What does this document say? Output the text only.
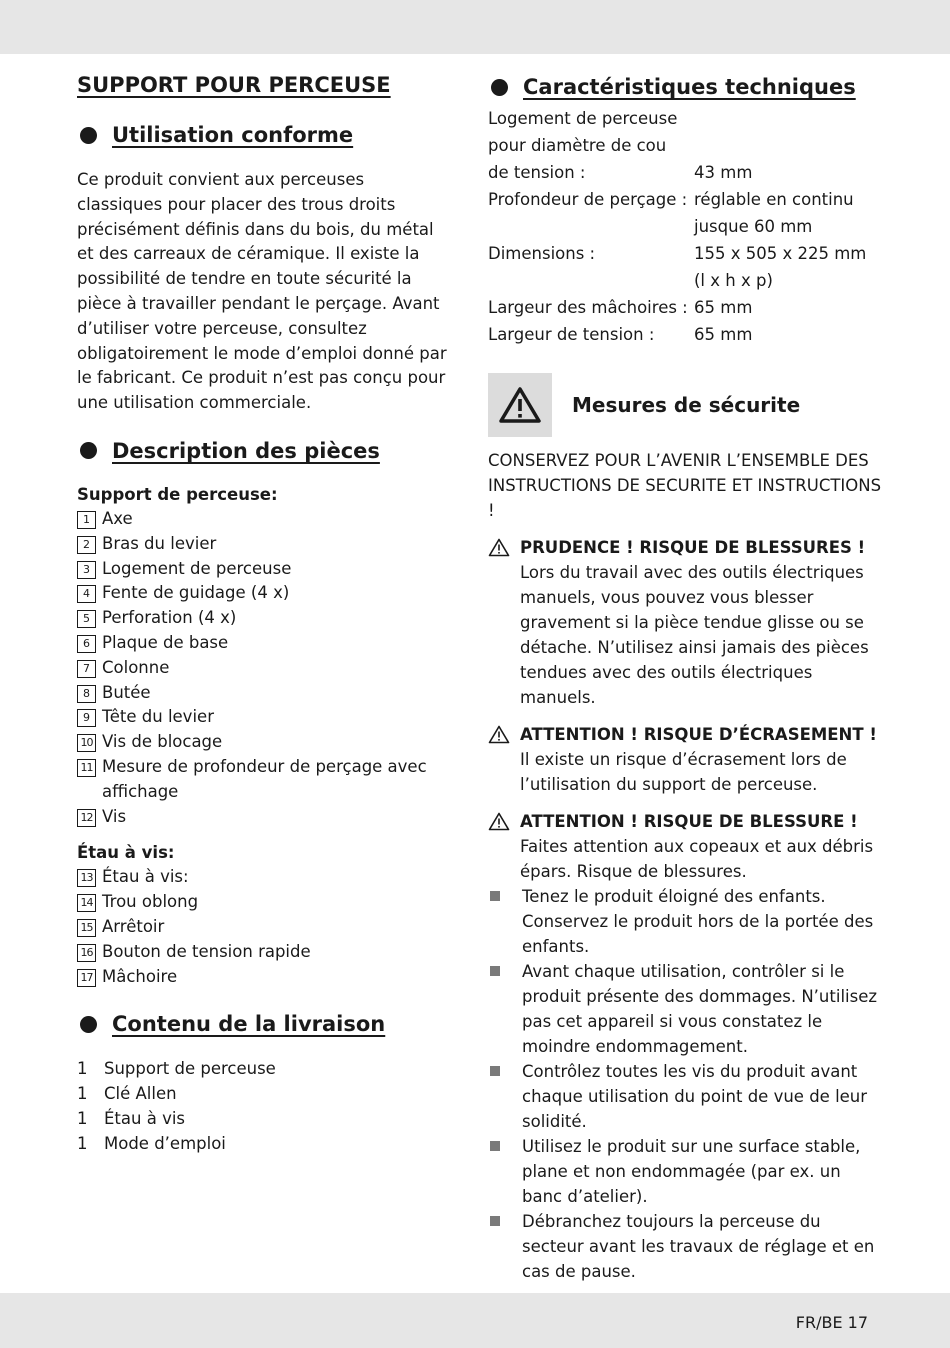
SUPPORT POUR PERCEUSE
Utilisation conforme

Ce produit convient aux perceuses classiques pour placer des trous droits précisément définis dans du bois, du métal et des carreaux de céramique. Il existe la possibilité de tendre en toute sécurité la pièce à travailler pendant le perçage. Avant d’utiliser votre perceuse, consultez obligatoirement le mode d’emploi donné par le fabricant. Ce produit n’est pas conçu pour une utilisation commerciale.

Description des pièces

Support de perceuse:

1 Axe
2 Bras du levier
3 Logement de perceuse
4 Fente de guidage (4 x)
5 Perforation (4 x)
6 Plaque de base
7 Colonne
8 Butée
9 Tête du levier
10 Vis de blocage
11 Mesure de profondeur de perçage avec affichage
12 Vis

Étau à vis:

13 Étau à vis:
14 Trou oblong
15 Arrêtoir
16 Bouton de tension rapide
17 Mâchoire
Contenu de la livraison
1	Support de perceuse
1	Clé Allen
1	Étau à vis
1	Mode d’emploi
Caractéristiques techniques
Logement de perceuse
pour diamètre de cou
de tension :	43 mm
Profondeur de perçage : réglable en continu
jusque 60 mm
Dimensions :	155 x 505 x 225 mm
(l x h x p)
Largeur des mâchoires : 65 mm
Largeur de tension :	65 mm
Mesures de sécurite

CONSERVEZ POUR L’AVENIR L’ENSEMBLE DES INSTRUCTIONS DE SECURITE ET INSTRUCTIONS !

PRUDENCE ! RISQUE DE BLESSURES !
Lors du travail avec des outils électriques manuels, vous pouvez vous blesser gravement si la pièce tendue glisse ou se détache. N’utilisez ainsi jamais des pièces tendues avec des outils électriques manuels.
ATTENTION ! RISQUE D’ÉCRASEMENT !
Il existe un risque d’écrasement lors de l’utilisation du support de perceuse.
ATTENTION ! RISQUE DE BLESSURE !
Faites attention aux copeaux et aux débris épars. Risque de blessures.
Tenez le produit éloigné des enfants. Conservez le produit hors de la portée des enfants.
Avant chaque utilisation, contrôler si le produit présente des dommages. N’utilisez pas cet appareil si vous constatez le moindre endommagement.
Contrôlez toutes les vis du produit avant chaque utilisation du point de vue de leur solidité.
Utilisez le produit sur une surface stable, plane et non endommagée (par ex. un banc d’atelier).
Débranchez toujours la perceuse du secteur avant les travaux de réglage et en cas de pause.
FR/BE 17
